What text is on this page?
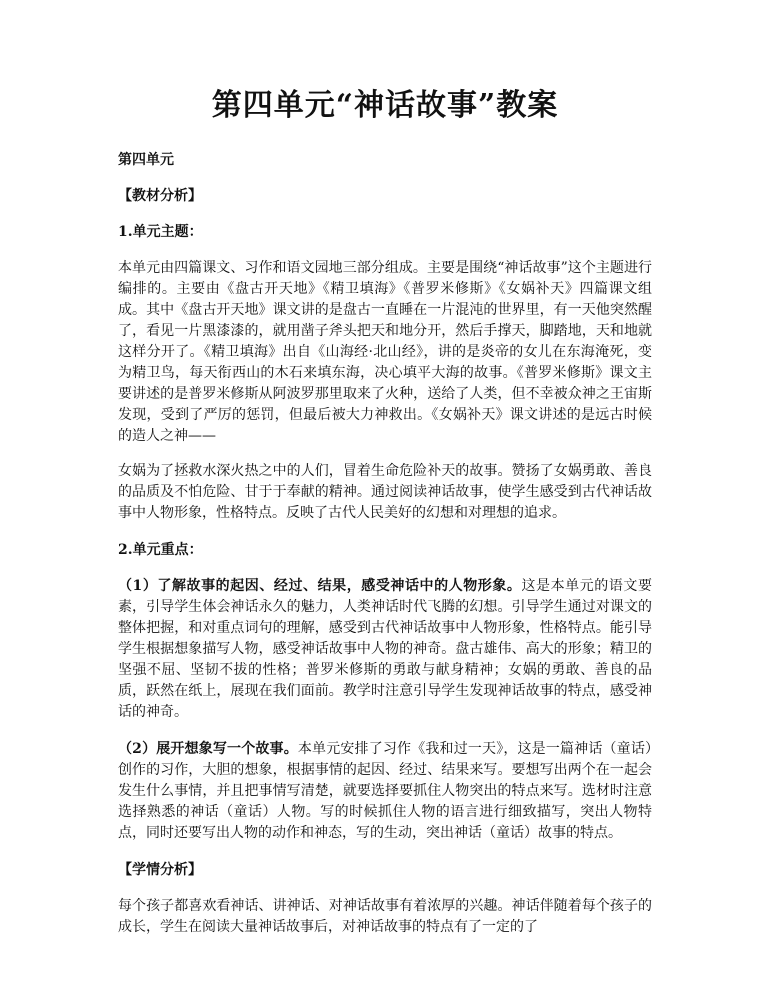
第四单元“神话故事”教案
第四单元
【教材分析】
1.单元主题：

本单元由四篇课文、习作和语文园地三部分组成。主要是围绕“神话故事”这个主题进行编排的。主要由《盘古开天地》《精卫填海》《普罗米修斯》《女娲补天》四篇课文组成。其中《盘古开天地》课文讲的是盘古一直睡在一片混沌的世界里，有一天他突然醒了，看见一片黑漆漆的，就用凿子斧头把天和地分开，然后手撑天，脚踏地，天和地就这样分开了。《精卫填海》出自《山海经·北山经》，讲的是炎帝的女儿在东海淹死，变为精卫鸟，每天衔西山的木石来填东海，决心填平大海的故事。《普罗米修斯》课文主要讲述的是普罗米修斯从阿波罗那里取来了火种，送给了人类，但不幸被众神之王宙斯发现，受到了严厉的惩罚，但最后被大力神救出。《女娲补天》课文讲述的是远古时候的造人之神——

女娲为了拯救水深火热之中的人们，冒着生命危险补天的故事。赞扬了女娲勇敢、善良的品质及不怕危险、甘于于奉献的精神。通过阅读神话故事，使学生感受到古代神话故事中人物形象，性格特点。反映了古代人民美好的幻想和对理想的追求。

2.单元重点：

（1）了解故事的起因、经过、结果，感受神话中的人物形象。这是本单元的语文要素，引导学生体会神话永久的魅力，人类神话时代飞腾的幻想。引导学生通过对课文的整体把握，和对重点词句的理解，感受到古代神话故事中人物形象，性格特点。能引导学生根据想象描写人物，感受神话故事中人物的神奇。盘古雄伟、高大的形象；精卫的坚强不屈、坚韧不拔的性格；普罗米修斯的勇敢与献身精神；女娲的勇敢、善良的品质，跃然在纸上，展现在我们面前。教学时注意引导学生发现神话故事的特点，感受神话的神奇。

（2）展开想象写一个故事。本单元安排了习作《我和过一天》，这是一篇神话（童话）创作的习作，大胆的想象，根据事情的起因、经过、结果来写。要想写出两个在一起会发生什么事情，并且把事情写清楚，就要选择要抓住人物突出的特点来写。选材时注意选择熟悉的神话（童话）人物。写的时候抓住人物的语言进行细致描写，突出人物特点，同时还要写出人物的动作和神态，写的生动，突出神话（童话）故事的特点。

【学情分析】

每个孩子都喜欢看神话、讲神话、对神话故事有着浓厚的兴趣。神话伴随着每个孩子的成长，学生在阅读大量神话故事后，对神话故事的特点有了一定的了
